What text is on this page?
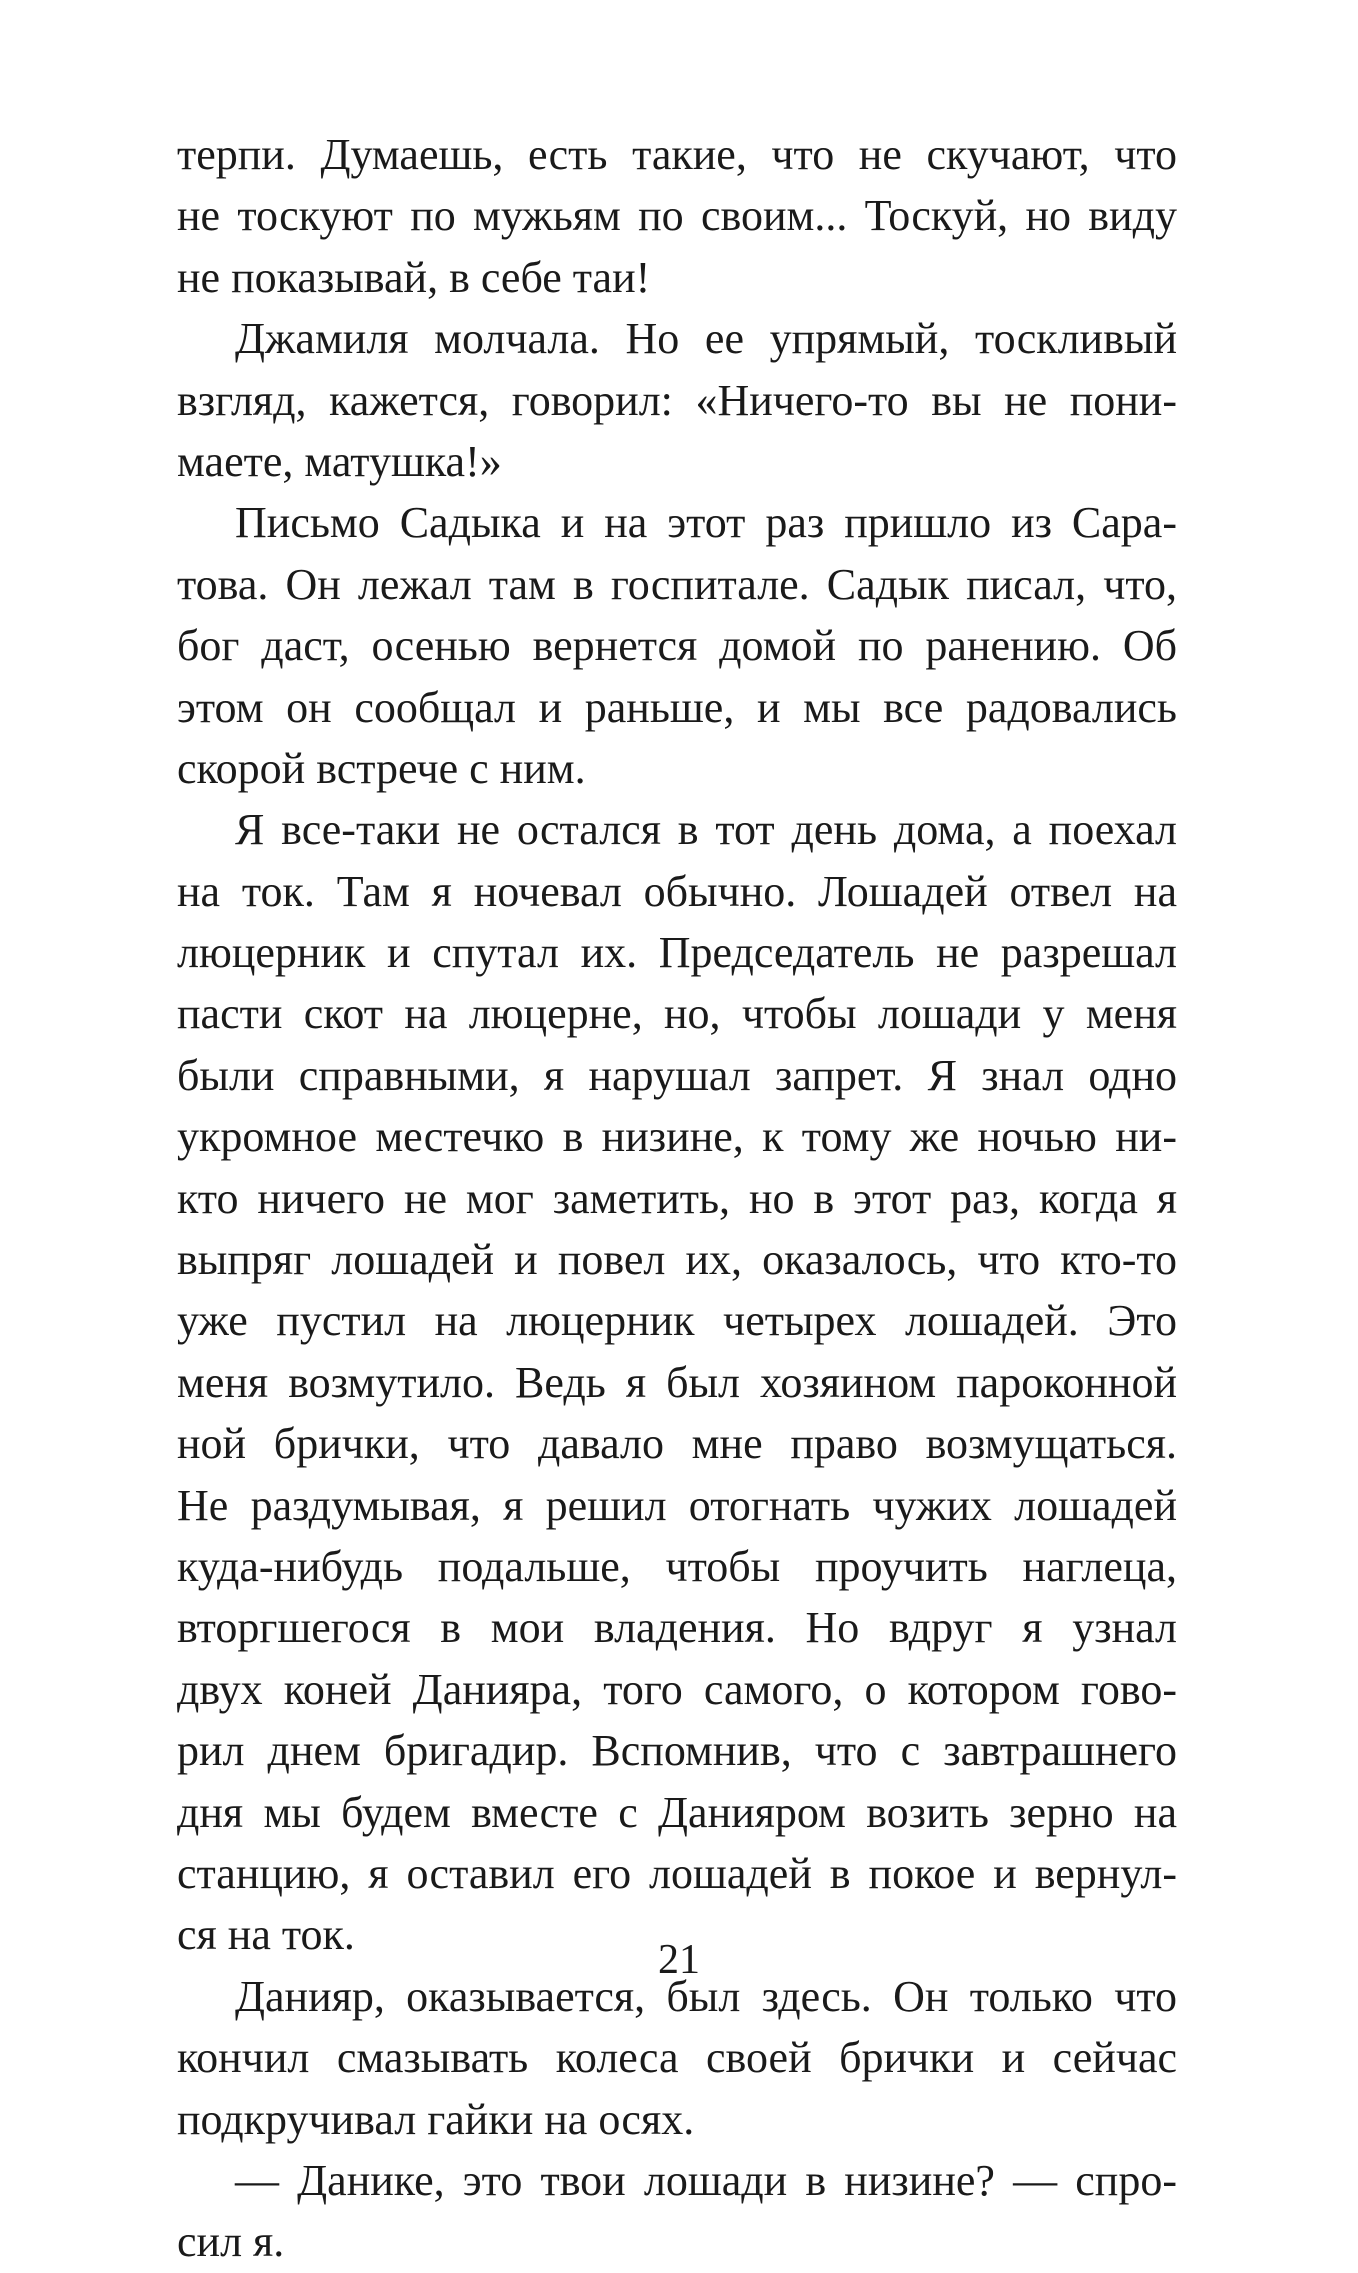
терпи. Думаешь, есть такие, что не скучают, что
не тоскуют по мужьям по своим... Тоскуй, но виду
не показывай, в себе таи!
Джамиля молчала. Но ее упрямый, тоскливый
взгляд, кажется, говорил: «Ничего-то вы не пони-
маете, матушка!»
Письмо Садыка и на этот раз пришло из Сара-
това. Он лежал там в госпитале. Садык писал, что,
бог даст, осенью вернется домой по ранению. Об
этом он сообщал и раньше, и мы все радовались
скорой встрече с ним.
Я все-таки не остался в тот день дома, а поехал
на ток. Там я ночевал обычно. Лошадей отвел на
люцерник и спутал их. Председатель не разрешал
пасти скот на люцерне, но, чтобы лошади у меня
были справными, я нарушал запрет. Я знал одно
укромное местечко в низине, к тому же ночью ни-
кто ничего не мог заметить, но в этот раз, когда я
выпряг лошадей и повел их, оказалось, что кто-то
уже пустил на люцерник четырех лошадей. Это
меня возмутило. Ведь я был хозяином пароконной
ной брички, что давало мне право возмущаться.
Не раздумывая, я решил отогнать чужих лошадей
куда-нибудь подальше, чтобы проучить наглеца,
вторгшегося в мои владения. Но вдруг я узнал
двух коней Данияра, того самого, о котором гово-
рил днем бригадир. Вспомнив, что с завтрашнего
дня мы будем вместе с Данияром возить зерно на
станцию, я оставил его лошадей в покое и вернул-
ся на ток.
Данияр, оказывается, был здесь. Он только что
кончил смазывать колеса своей брички и сейчас
подкручивал гайки на осях.
— Данике, это твои лошади в низине? — спро-
сил я.
21
